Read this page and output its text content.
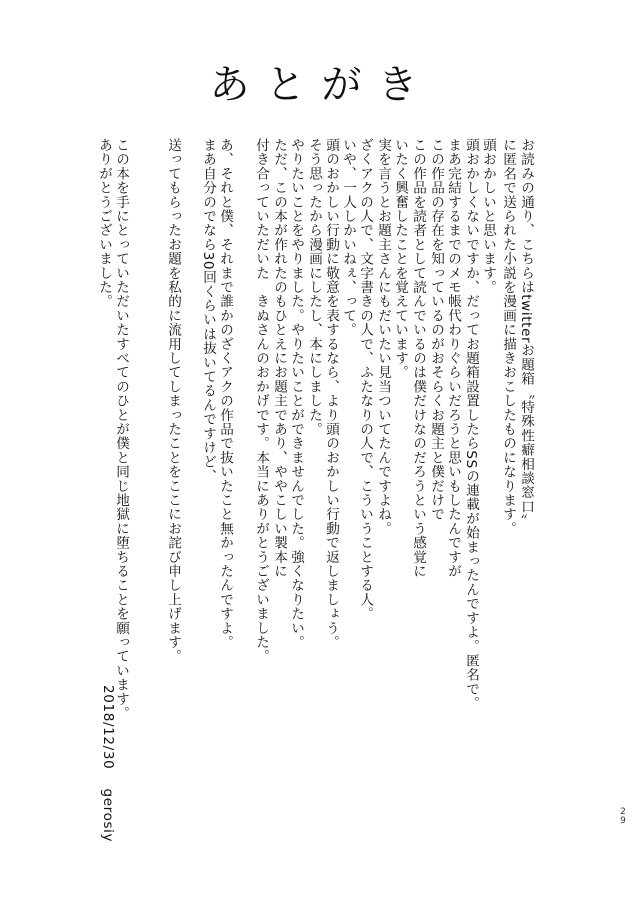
あとがき
お読みの通り、こちらはtwitterお題箱〝特殊性癖相談窓口〟
に匿名で送られた小説を漫画に描きおこしたものになります。
頭おかしいと思います。
頭おかしくないですか、だってお題箱設置したらSSの連載が始まったんですよ。匿名で。
まあ完結するまでのメモ帳代わりぐらいだろうと思いもしたんですが
この作品の存在を知っているのがおそらくお題主と僕だけで
この作品を読者として読んでいるのは僕だけなのだろうという感覚に
いたく興奮したことを覚えています。
実を言うとお題主さんにもだいたい見当ついてたんですよね。
ざくアクの人で、文字書きの人で、ふたなりの人で、こういうことする人。
いや、一人しかいねぇ、って。
頭のおかしい行動に敬意を表するなら、より頭のおかしい行動で返しましょう。
そう思ったから漫画にしたし、本にしました。
やりたいことをやりました。やりたいことができませんでした。強くなりたい。
ただ、この本が作れたのもひとえにお題主であり、ややこしい製本に
付き合っていただいた　きぬさんのおかげです。本当にありがとうございました。
あ、それと僕、それまで誰かのざくアクの作品で抜いたこと無かったんですよ。
まあ自分のでなら30回くらいは抜いてるんですけど、
送ってもらったお題を私的に流用してしまったことをここにお詫び申し上げます。
この本を手にとっていただいたすべてのひとが僕と同じ地獄に堕ちることを願っています。
ありがとうございました。
2018/12/30　 gerosiy	2
9
